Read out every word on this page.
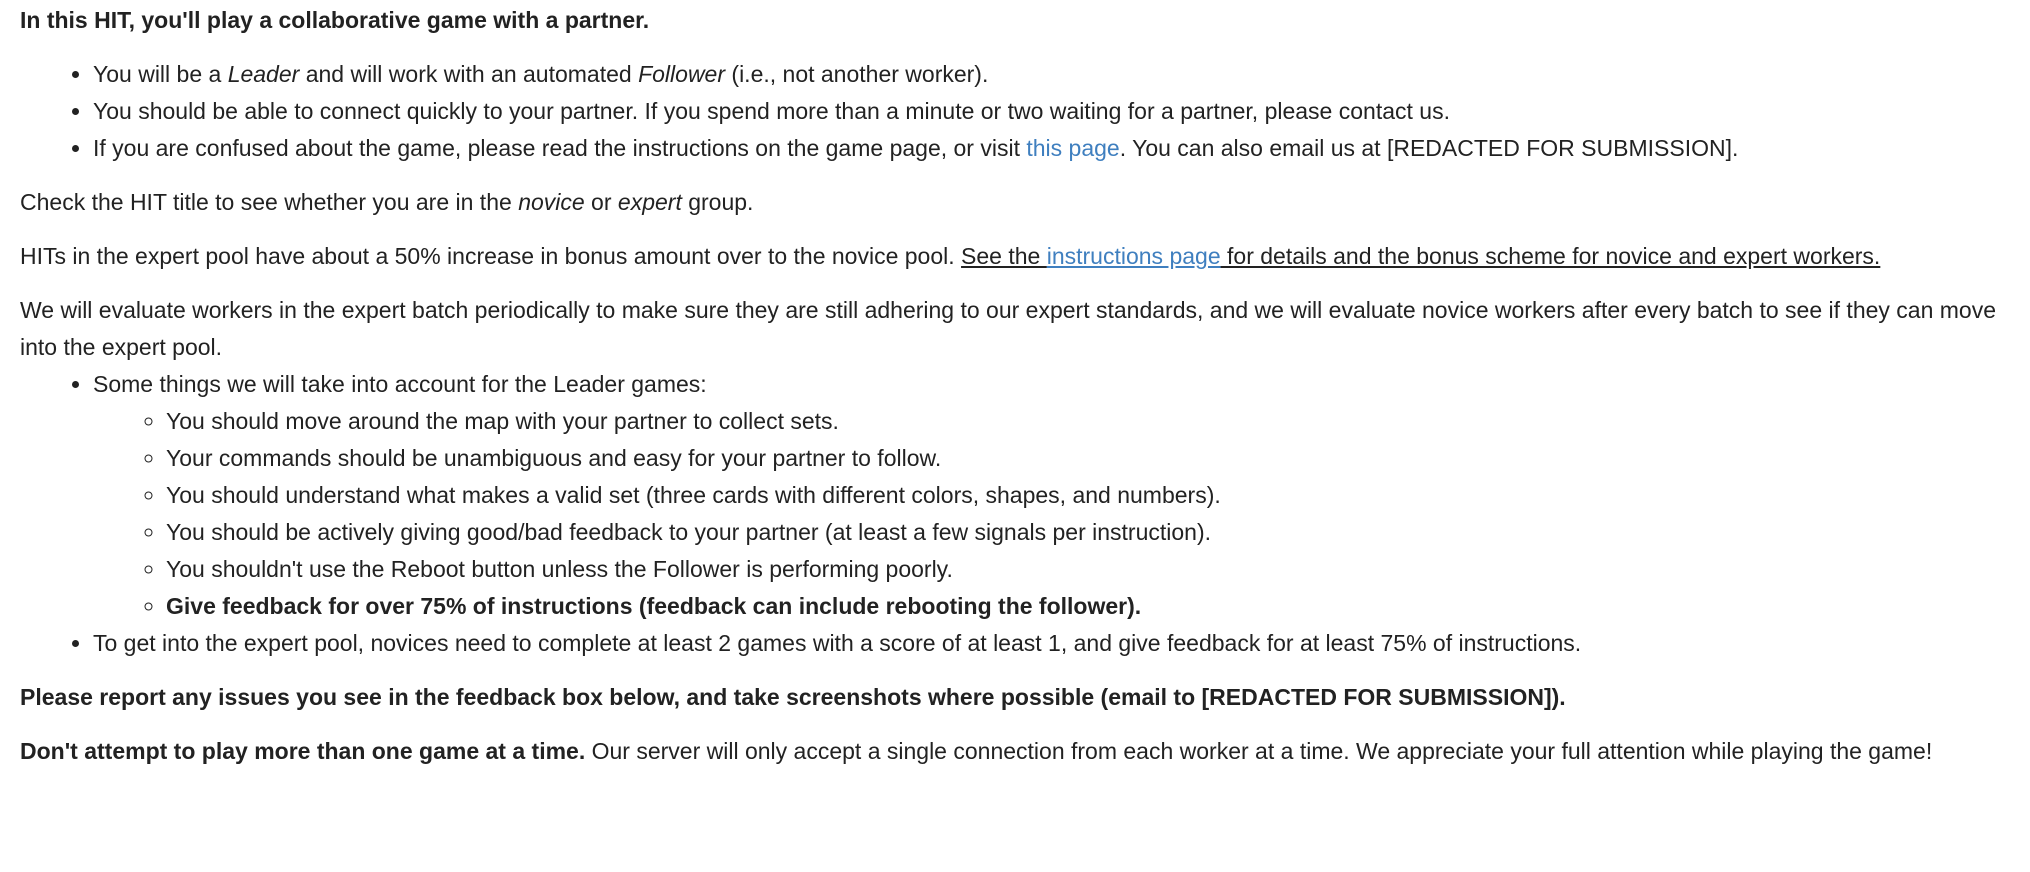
In this HIT, you'll play a collaborative game with a partner.

• You will be a Leader and will work with an automated Follower (i.e., not another worker).
• You should be able to connect quickly to your partner. If you spend more than a minute or two waiting for a partner, please contact us.
• If you are confused about the game, please read the instructions on the game page, or visit this page. You can also email us at [REDACTED FOR SUBMISSION].

Check the HIT title to see whether you are in the novice or expert group.

HITs in the expert pool have about a 50% increase in bonus amount over to the novice pool. See the instructions page for details and the bonus scheme for novice and expert workers.

We will evaluate workers in the expert batch periodically to make sure they are still adhering to our expert standards, and we will evaluate novice workers after every batch to see if they can move into the expert pool.

• Some things we will take into account for the Leader games:
◦ You should move around the map with your partner to collect sets.
◦ Your commands should be unambiguous and easy for your partner to follow.
◦ You should understand what makes a valid set (three cards with different colors, shapes, and numbers).
◦ You should be actively giving good/bad feedback to your partner (at least a few signals per instruction).
◦ You shouldn't use the Reboot button unless the Follower is performing poorly.
◦ Give feedback for over 75% of instructions (feedback can include rebooting the follower).
• To get into the expert pool, novices need to complete at least 2 games with a score of at least 1, and give feedback for at least 75% of instructions.

Please report any issues you see in the feedback box below, and take screenshots where possible (email to [REDACTED FOR SUBMISSION]).

Don't attempt to play more than one game at a time. Our server will only accept a single connection from each worker at a time. We appreciate your full attention while playing the game!
